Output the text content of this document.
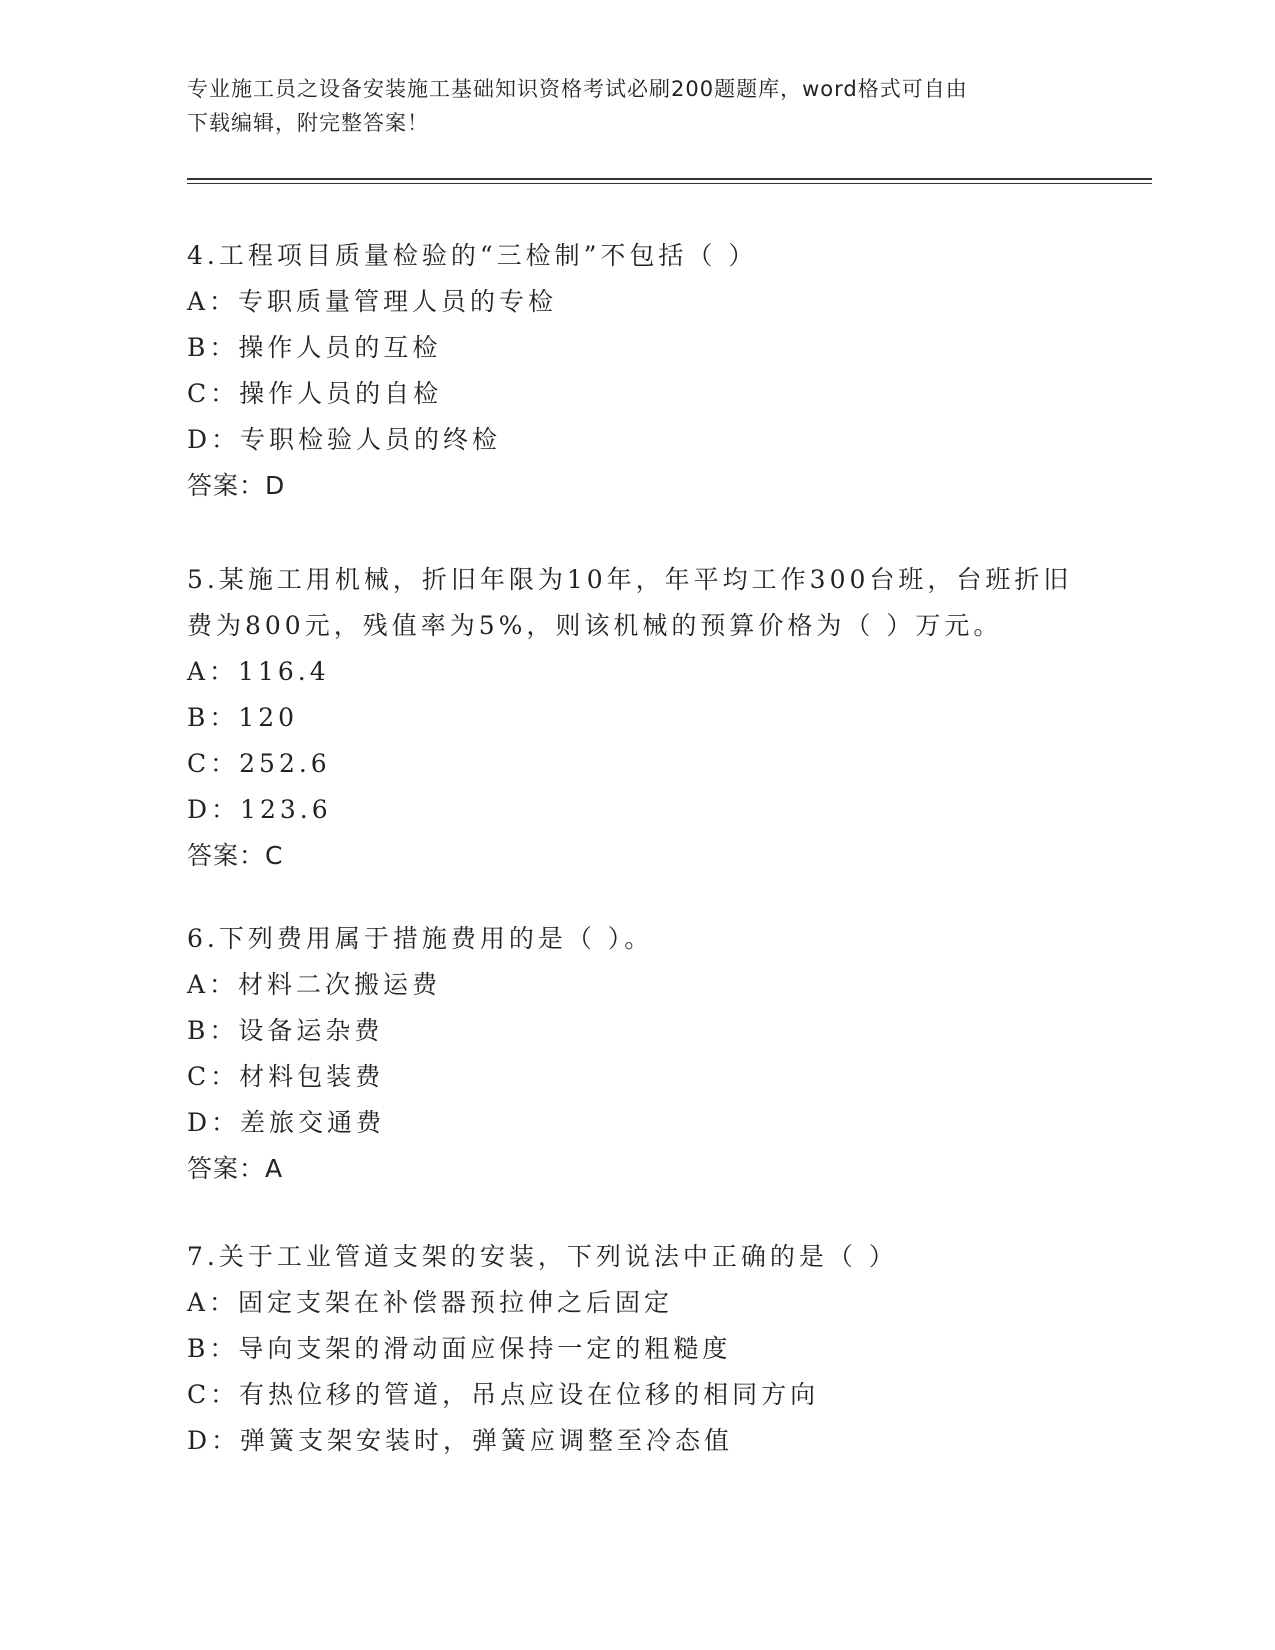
专业施工员之设备安装施工基础知识资格考试必刷200题题库，word格式可自由
下载编辑，附完整答案！
4.工程项目质量检验的“三检制”不包括（ ）
A：专职质量管理人员的专检
B：操作人员的互检
C：操作人员的自检
D：专职检验人员的终检
答案：D
5.某施工用机械，折旧年限为10年，年平均工作300台班，台班折旧
费为800元，残值率为5%，则该机械的预算价格为（ ）万元。
A：116.4
B：120
C：252.6
D：123.6
答案：C
6.下列费用属于措施费用的是（ ）。
A：材料二次搬运费
B：设备运杂费
C：材料包装费
D：差旅交通费
答案：A
7.关于工业管道支架的安装，下列说法中正确的是（ ）
A：固定支架在补偿器预拉伸之后固定
B：导向支架的滑动面应保持一定的粗糙度
C：有热位移的管道，吊点应设在位移的相同方向
D：弹簧支架安装时，弹簧应调整至冷态值
